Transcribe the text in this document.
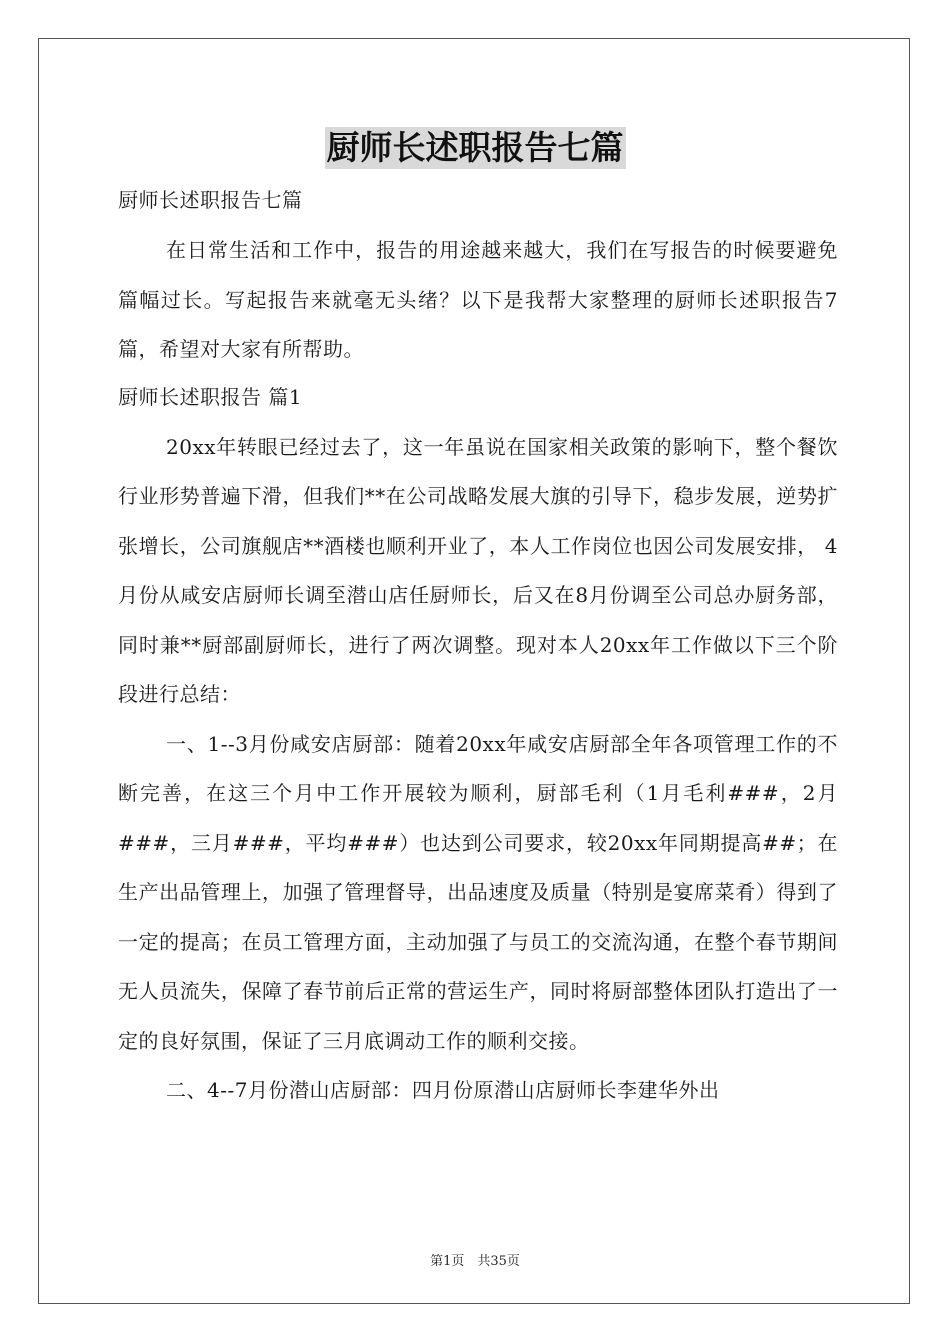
厨师长述职报告七篇

厨师长述职报告七篇

在日常生活和工作中，报告的用途越来越大，我们在写报告的时候要避免篇幅过长。写起报告来就毫无头绪？以下是我帮大家整理的厨师长述职报告7篇，希望对大家有所帮助。

厨师长述职报告 篇1

20xx年转眼已经过去了，这一年虽说在国家相关政策的影响下，整个餐饮行业形势普遍下滑，但我们**在公司战略发展大旗的引导下，稳步发展，逆势扩张增长，公司旗舰店**酒楼也顺利开业了，本人工作岗位也因公司发展安排， 4月份从咸安店厨师长调至潜山店任厨师长，后又在8月份调至公司总办厨务部，同时兼**厨部副厨师长，进行了两次调整。现对本人20xx年工作做以下三个阶段进行总结：

一、1--3月份咸安店厨部：随着20xx年咸安店厨部全年各项管理工作的不断完善，在这三个月中工作开展较为顺利，厨部毛利（1月毛利###，2月###，三月###，平均###）也达到公司要求，较20xx年同期提高##；在生产出品管理上，加强了管理督导，出品速度及质量（特别是宴席菜肴）得到了一定的提高；在员工管理方面，主动加强了与员工的交流沟通，在整个春节期间无人员流失，保障了春节前后正常的营运生产，同时将厨部整体团队打造出了一定的良好氛围，保证了三月底调动工作的顺利交接。

二、4--7月份潜山店厨部：四月份原潜山店厨师长李建华外出

第1页　共35页
